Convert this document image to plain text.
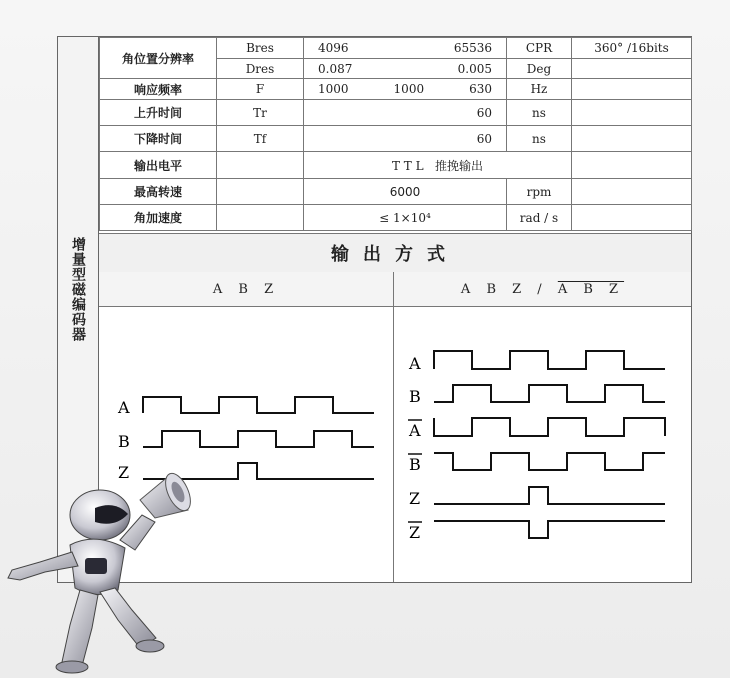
增量型磁编码器
角位置分辨率	Bres	4096 65536	CPR	360° /16bits
	Dres	0.087 0.005	Deg	
响应频率	F	1000 1000 630	Hz	
上升时间	Tr	60	ns	
下降时间	Tf	60	ns	
输出电平		T T L   推挽输出		
最高转速		6000	rpm	
角加速度		≤ 1×10⁴	rad / s	
输出方式
A B Z	A B Z / A B Z
A
B
Z
A
B
A
B
Z
Z
